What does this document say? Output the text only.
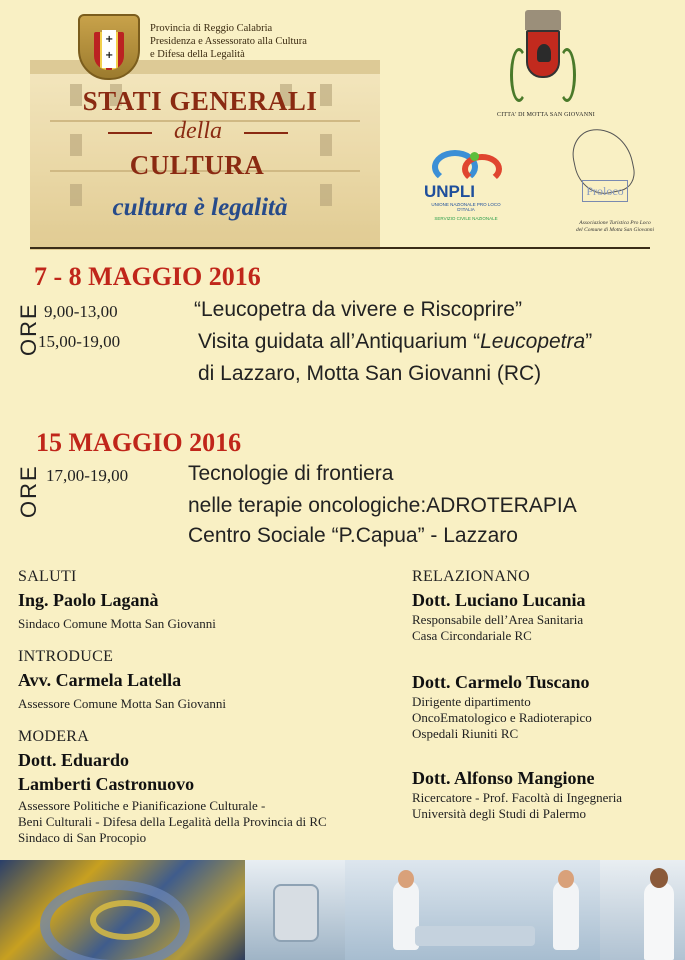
+
+
Provincia di Reggio Calabria
Presidenza e Assessorato alla Cultura
e Difesa della Legalità
STATI GENERALI
della
CULTURA
cultura è legalità
CITTA' DI MOTTA SAN GIOVANNI
UNPLI
UNIONE NAZIONALE PRO LOCO D'ITALIA
SERVIZIO CIVILE NAZIONALE
Proloco
Associazione Turistica Pro Loco
del Comune di Motta San Giovanni
7 - 8 MAGGIO 2016
ORE 9,00-13,00
15,00-19,00
“Leucopetra da vivere e Riscoprire”
Visita guidata all’Antiquarium “Leucopetra”
di Lazzaro, Motta San Giovanni (RC)
15 MAGGIO 2016
ORE 17,00-19,00	Tecnologie di frontiera
nelle terapie oncologiche:ADROTERAPIA
Centro Sociale “P.Capua” - Lazzaro
SALUTI
Ing. Paolo Laganà
Sindaco Comune Motta San Giovanni
INTRODUCE
Avv. Carmela Latella
Assessore Comune Motta San Giovanni
MODERA
Dott. Eduardo
Lamberti Castronuovo
Assessore Politiche e Pianificazione Culturale -
Beni Culturali - Difesa della Legalità della Provincia di RC
Sindaco di San Procopio
RELAZIONANO
Dott. Luciano Lucania
Responsabile dell’Area Sanitaria
Casa Circondariale RC
Dott. Carmelo Tuscano
Dirigente dipartimento
OncoEmatologico e Radioterapico
Ospedali Riuniti RC
Dott. Alfonso Mangione
Ricercatore - Prof. Facoltà di Ingegneria
Università degli Studi di Palermo
